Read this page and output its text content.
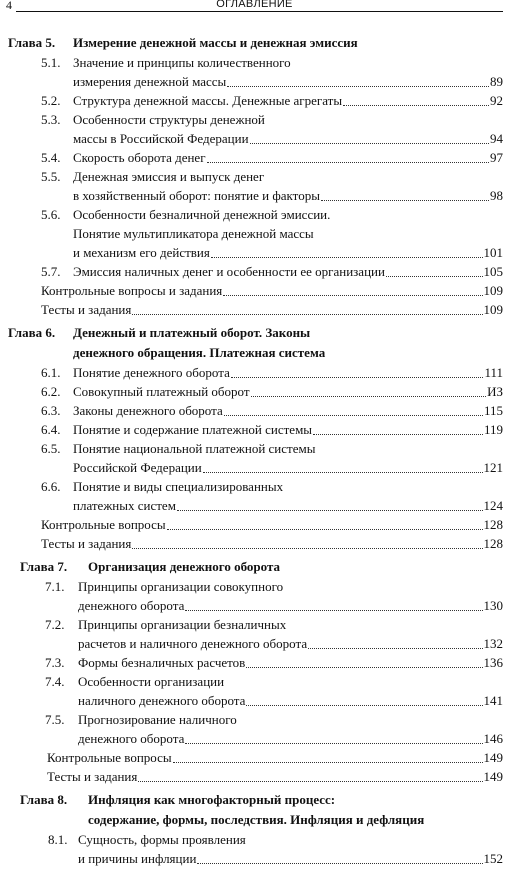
4	ОГЛАВЛЕНИЕ
Глава 5. Измерение денежной массы и денежная эмиссия
5.1. Значение и принципы количественного
измерения денежной массы	89
5.2. Структура денежной массы. Денежные агрегаты	92
5.3. Особенности структуры денежной
массы в Российской Федерации	94
5.4. Скорость оборота денег	97
5.5. Денежная эмиссия и выпуск денег
в хозяйственный оборот: понятие и факторы	98
5.6. Особенности безналичной денежной эмиссии.
Понятие мультипликатора денежной массы
и механизм его действия	101
5.7. Эмиссия наличных денег и особенности ее организации	105
Контрольные вопросы и задания	109
Тесты и задания	109
Глава 6. Денежный и платежный оборот. Законы
денежного обращения. Платежная система
6.1. Понятие денежного оборота	111
6.2. Совокупный платежный оборот	ИЗ
6.3. Законы денежного оборота	115
6.4. Понятие и содержание платежной системы	119
6.5. Понятие национальной платежной системы
Российской Федерации	121
6.6. Понятие и виды специализированных
платежных систем	124
Контрольные вопросы	128
Тесты и задания	128
Глава 7. Организация денежного оборота
7.1. Принципы организации совокупного
денежного оборота	130
7.2. Принципы организации безналичных
расчетов и наличного денежного оборота	132
7.3. Формы безналичных расчетов	136
7.4. Особенности организации
наличного денежного оборота	141
7.5. Прогнозирование наличного
денежного оборота	146
Контрольные вопросы	149
Тесты и задания	149
Глава 8. Инфляция как многофакторный процесс:
содержание, формы, последствия. Инфляция и дефляция
8.1. Сущность, формы проявления
и причины инфляции	152
